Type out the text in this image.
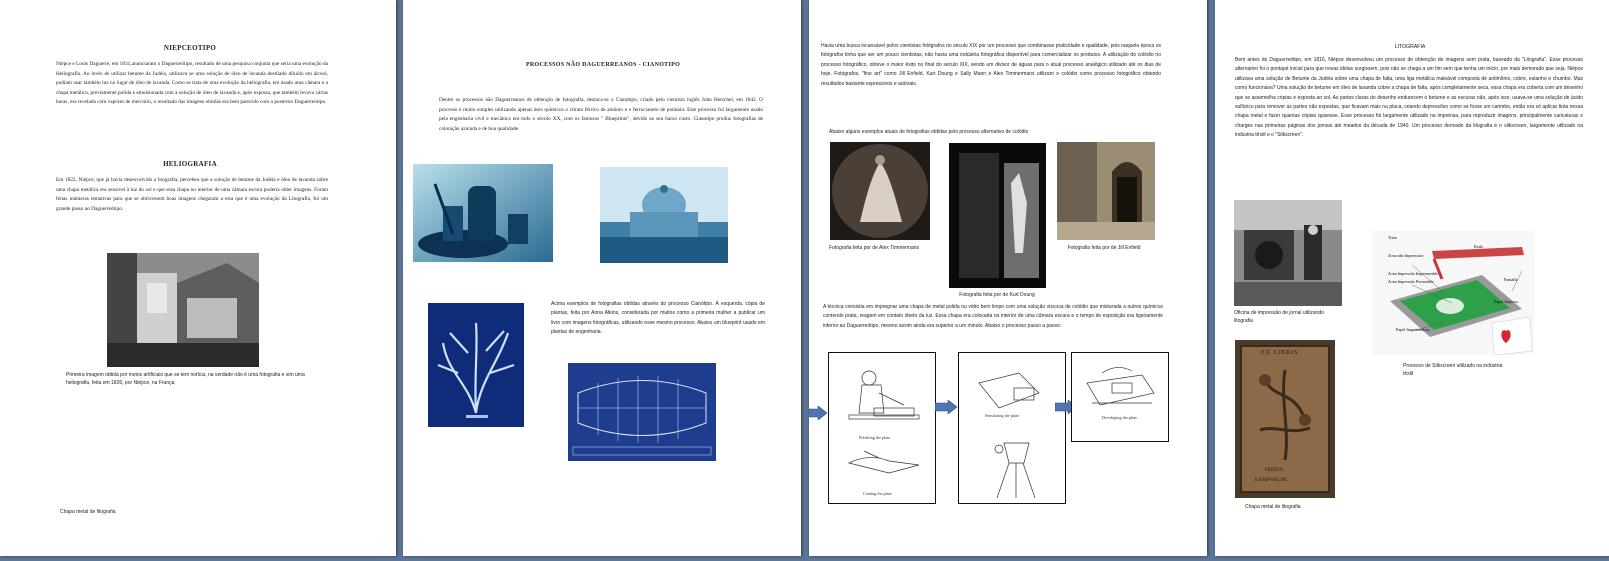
NIEPCEOTIPO
Niépce e Louis Daguerre, em 1831,anunciaram o Daguerreótipo, resultado de uma pesquisa conjunta que seria uma evolução da Heliografia. Ao invés de utilizar betume da Judéia, utilizava se uma solução de óleo de lavanda destilado diluído em álcool, podiam usar também luz no lugar de óleo de lavanda. Como se trata de uma evolução da heliografia, em usado uma câmara e a chapa metálica, previamente polida e emulsionada com a solução de óleo de lavanda e, após exposta, que também levava várias horas, era revelada com vapores de mercúrio, o resultado das imagens obtidas era bem parecido com o posterior Daguerreótipo.
HELIOGRAFIA
Em 1822, Niépce, que já havia desenvolvido a litografia, percebeu que a solução de betume da Judéia e óleo de lavanda sobre uma chapa metálica era sensível à luz do sol e que essa chapa no interior de uma câmara escura poderia obter imagens. Foram feitas inúmeras tentativas para que se obtivessem boas imagens chegaram a esta que é uma evolução da Litografia, foi um grande passo ao Daguerreótipo.
Primeira imagem obtida por meios artificiais que se tem notícia, na verdade não é uma fotografia e sim uma heliografia, feita em 1826, por Niépce, na França
Chapa metal de litografia
PROCESSOS NÃO DAGUERREANOS - CIANOTIPO
Dentre os processos não Daguerreanos de obtenção de fotografia, destaca-se o Cianótipo, criado pelo cientista inglês John Herschel, em 1842. O processo é muito simples utilizando apenas dois químicos o citrato férrico de amônio e o ferrocianeto de potássio. Este processo foi largamente usado pela engenharia civil e mecânica em todo o século XX, com os famosos " Blueprints", devido ao seu baixo custo. Cianotipo produz fotografias de coloração azulada e de boa qualidade.
Acima exemplos de fotografias obtidas através do processo Cianótipo. À esquerda, cópia de plantas, feita por Anna Atkins, considerada por muitos como a primeira mulher a publicar um livro com imagens fotográficas, utilizando esse mesmo processo. Abaixo um blueprint usado em plantas de engenharia.
Havia uma busca incansável pelos cientistas fotógrafos no século XIX por um processo que combinasse praticidade e qualidade, pois naquela época os fotógrafos tinha que ser um pouco cientistas, não havia uma indústria fotográfica disponível para comercializar os produtos. A utilização do colódio no processo fotográfico, obteve o maior êxito no final do século XIX, sendo um divisor de águas para o atual processo analógico utilizado até os dias de hoje. Fotógrafos, "fine art" como Jill Enfield, Kurt Doung e Sally Mann e Alex Timmermans utilizam o colódio como processo fotográfico obtendo resultados bastante expressivos e autorais.
Abaixo alguns exemplos atuais de fotografias obtidas pelo processo alternativo de colódio
Fotografia feita por de Alex Timmermans	Fotografia feita por de Jill Enfield
Fotografia feita por de Kurt Doung
A técnica consistia em impregnar uma chapa de metal polida ou vidro bem limpo com uma solução viscosa de colódio que misturada a outros químicos contendo prata, reagem em contato direto da luz. Essa chapa era colocada no interior de uma câmara escura e o tempo de exposição era ligeiramente inferior ao Daguerreótipo, mesmo assim ainda era superior a um minuto. Abaixo o processo passo a passo:
Polishing the plate
Coating the plate
Sensitizing the plate	Developing the plate
LITOGRAFIA
Bem antes do Daguerreótipo, em 1816, Niépce desenvolveu um processo de obtenção de imagens sem prata, baseado da "Litografia". Esse processo alternativo foi o pontapé inicial para que novas idéias surgissem, pois não se chega a um fim sem que tenha um início, por mais demorado que seja. Niépce utilizava uma solução de Betume da Judéia sobre uma chapa de falta, uma liga metálica maleável composta de antimônio, cobre, estanho e chumbo. Mas como funcionava? Uma solução de betume em óleo de lavanda cobre a chapa de falta, após completamente seca, essa chapa era coberta com um desenho que se assemelha cópias e exposta ao sol. As partes claras do desenho endurecem o betume e as escuras não, após isso, usava-se uma solução de ácido sulfúrico para remover as partes não expostas, que ficavam mais na placa, criando depressões como se fosse um carimbo, então era só aplicar tinta nessa chapa metal e fazer quantas cópias quisesse. Esse processo foi largamente utilizado na imprensa, para reproduzir imagens, principalmente caricaturas e charges nas primeiras páginas dos jornais até meados da década de 1940. Um processo derivado da litografia é o silkscreen, largamente utilizado na indústria têxtil e o "Silkscreen".
Oficina de impressão de jornal utilizando litografia
Tinta
Rodo
Zona não Impressora
Zona Impressão Impermeable
Zona Impressão Permeable	Pantalla
Papel Impreso
Papel Imprimindose
Processo de Silkscreen utilizado na indústria têxtil
EX LIBRIS
FREIDA
KAMPWALDE
Chapa metal de litografia
